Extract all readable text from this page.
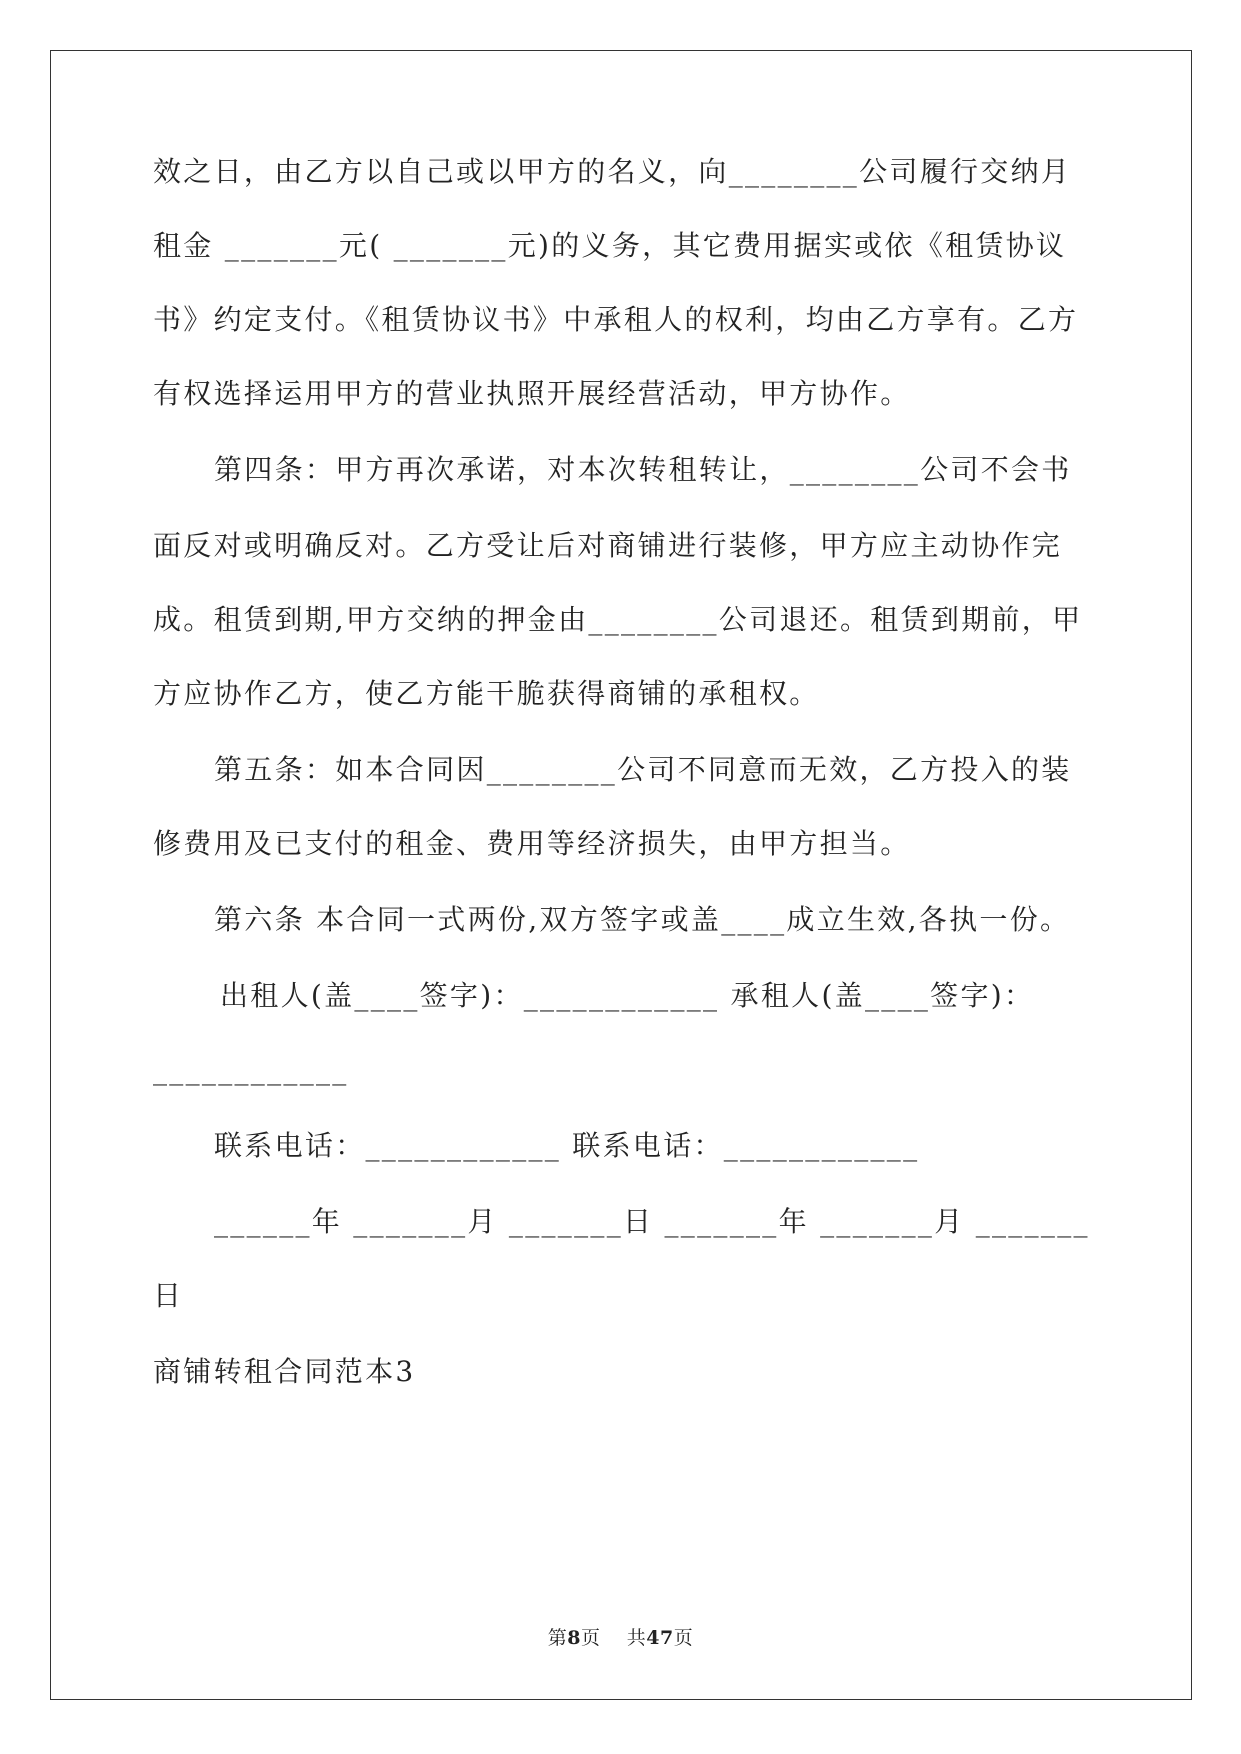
效之日，由乙方以自己或以甲方的名义，向________公司履行交纳月
租金 _______元( _______元)的义务，其它费用据实或依《租赁协议
书》约定支付。《租赁协议书》中承租人的权利，均由乙方享有。乙方
有权选择运用甲方的营业执照开展经营活动，甲方协作。
第四条：甲方再次承诺，对本次转租转让，________公司不会书
面反对或明确反对。乙方受让后对商铺进行装修，甲方应主动协作完
成。租赁到期,甲方交纳的押金由________公司退还。租赁到期前，甲
方应协作乙方，使乙方能干脆获得商铺的承租权。
第五条：如本合同因________公司不同意而无效，乙方投入的装
修费用及已支付的租金、费用等经济损失，由甲方担当。
第六条 本合同一式两份,双方签字或盖____成立生效,各执一份。
出租人(盖____签字)：____________ 承租人(盖____签字)：
____________
联系电话：____________ 联系电话：____________
______年 _______月 _______日 _______年 _______月 _______
日
商铺转租合同范本3
第8页 共47页
